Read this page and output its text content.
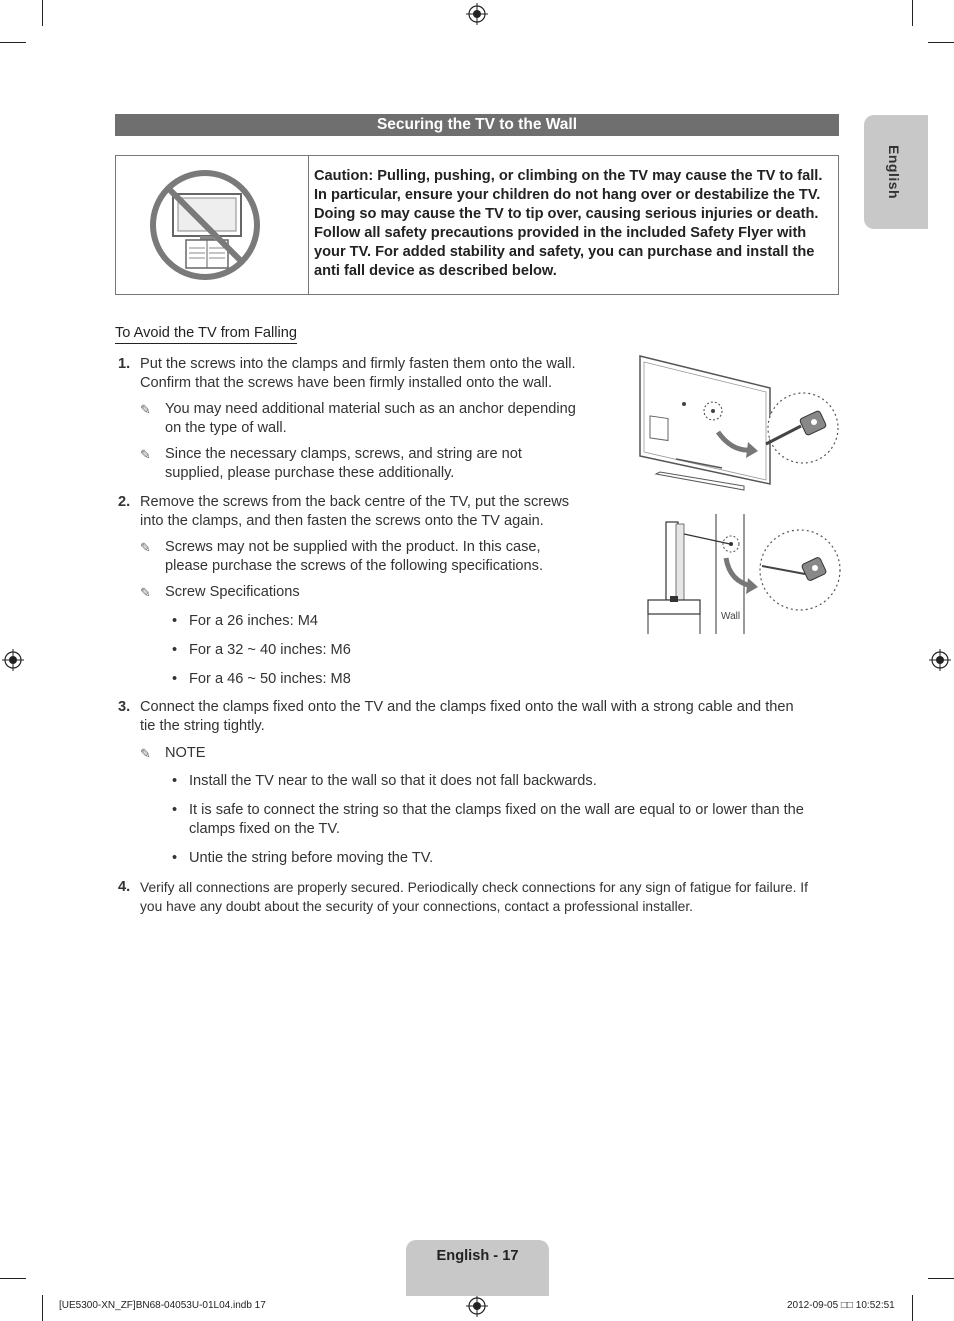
Securing the TV to the Wall
English
Caution: Pulling, pushing, or climbing on the TV may cause the TV to fall. In particular, ensure your children do not hang over or destabilize the TV. Doing so may cause the TV to tip over, causing serious injuries or death. Follow all safety precautions provided in the included Safety Flyer with your TV. For added stability and safety, you can purchase and install the anti fall device as described below.
To Avoid the TV from Falling
1. Put the screws into the clamps and firmly fasten them onto the wall.
Confirm that the screws have been firmly installed onto the wall.
✎ You may need additional material such as an anchor depending
on the type of wall.
✎ Since the necessary clamps, screws, and string are not
supplied, please purchase these additionally.
2. Remove the screws from the back centre of the TV, put the screws
into the clamps, and then fasten the screws onto the TV again.
✎ Screws may not be supplied with the product. In this case,
please purchase the screws of the following specifications.
✎ Screw Specifications
• For a 26 inches: M4
• For a 32 ~ 40 inches: M6
• For a 46 ~ 50 inches: M8
3. Connect the clamps fixed onto the TV and the clamps fixed onto the wall with a strong cable and then
tie the string tightly.
✎ NOTE
• Install the TV near to the wall so that it does not fall backwards.
• It is safe to connect the string so that the clamps fixed on the wall are equal to or lower than the
clamps fixed on the TV.
• Untie the string before moving the TV.
4. Verify all connections are properly secured. Periodically check connections for any sign of fatigue for failure. If
you have any doubt about the security of your connections, contact a professional installer.
Wall
English - 17
[UE5300-XN_ZF]BN68-04053U-01L04.indb 17	2012-09-05 □□ 10:52:51
